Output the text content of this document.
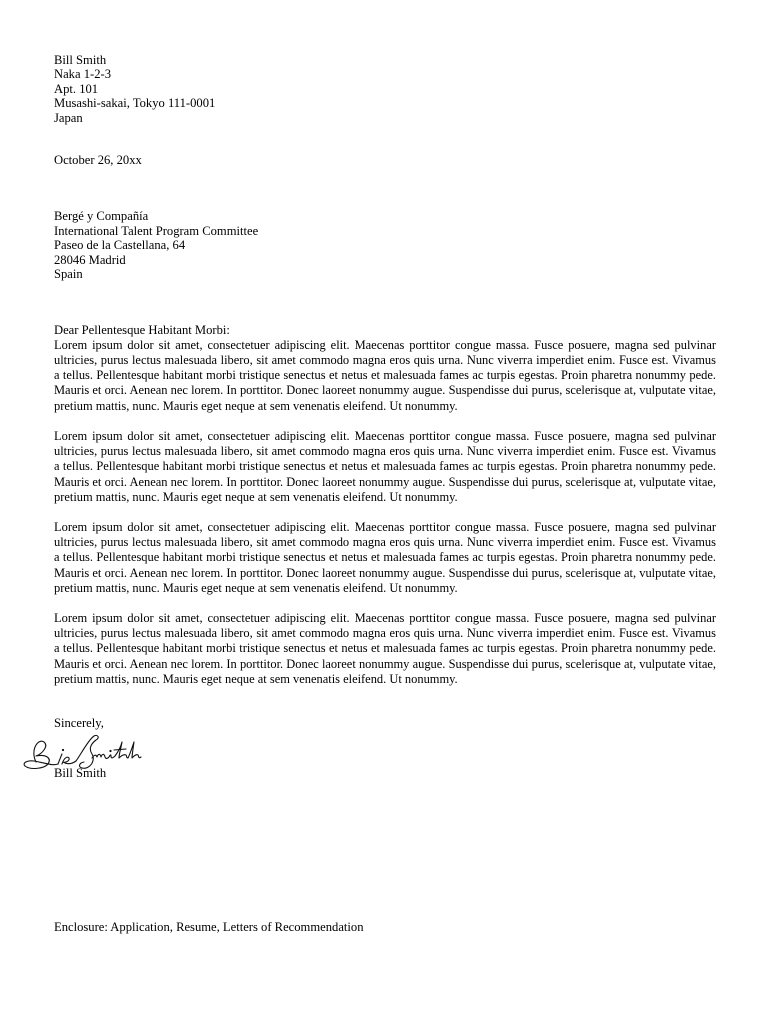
Bill Smith
Naka 1-2-3
Apt. 101
Musashi-sakai, Tokyo 111-0001
Japan
October 26, 20xx
Bergé y Compañía
International Talent Program Committee
Paseo de la Castellana, 64
28046 Madrid
Spain
Dear Pellentesque Habitant Morbi:

Lorem ipsum dolor sit amet, consectetuer adipiscing elit. Maecenas porttitor congue massa. Fusce posuere, magna sed pulvinar ultricies, purus lectus malesuada libero, sit amet commodo magna eros quis urna. Nunc viverra imperdiet enim. Fusce est. Vivamus a tellus. Pellentesque habitant morbi tristique senectus et netus et malesuada fames ac turpis egestas. Proin pharetra nonummy pede. Mauris et orci. Aenean nec lorem. In porttitor. Donec laoreet nonummy augue. Suspendisse dui purus, scelerisque at, vulputate vitae, pretium mattis, nunc. Mauris eget neque at sem venenatis eleifend. Ut nonummy.

Lorem ipsum dolor sit amet, consectetuer adipiscing elit. Maecenas porttitor congue massa. Fusce posuere, magna sed pulvinar ultricies, purus lectus malesuada libero, sit amet commodo magna eros quis urna. Nunc viverra imperdiet enim. Fusce est. Vivamus a tellus. Pellentesque habitant morbi tristique senectus et netus et malesuada fames ac turpis egestas. Proin pharetra nonummy pede. Mauris et orci. Aenean nec lorem. In porttitor. Donec laoreet nonummy augue. Suspendisse dui purus, scelerisque at, vulputate vitae, pretium mattis, nunc. Mauris eget neque at sem venenatis eleifend. Ut nonummy.

Lorem ipsum dolor sit amet, consectetuer adipiscing elit. Maecenas porttitor congue massa. Fusce posuere, magna sed pulvinar ultricies, purus lectus malesuada libero, sit amet commodo magna eros quis urna. Nunc viverra imperdiet enim. Fusce est. Vivamus a tellus. Pellentesque habitant morbi tristique senectus et netus et malesuada fames ac turpis egestas. Proin pharetra nonummy pede. Mauris et orci. Aenean nec lorem. In porttitor. Donec laoreet nonummy augue. Suspendisse dui purus, scelerisque at, vulputate vitae, pretium mattis, nunc. Mauris eget neque at sem venenatis eleifend. Ut nonummy.

Lorem ipsum dolor sit amet, consectetuer adipiscing elit. Maecenas porttitor congue massa. Fusce posuere, magna sed pulvinar ultricies, purus lectus malesuada libero, sit amet commodo magna eros quis urna. Nunc viverra imperdiet enim. Fusce est. Vivamus a tellus. Pellentesque habitant morbi tristique senectus et netus et malesuada fames ac turpis egestas. Proin pharetra nonummy pede. Mauris et orci. Aenean nec lorem. In porttitor. Donec laoreet nonummy augue. Suspendisse dui purus, scelerisque at, vulputate vitae, pretium mattis, nunc. Mauris eget neque at sem venenatis eleifend. Ut nonummy.

Sincerely,
Bill Smith
Enclosure: Application, Resume, Letters of Recommendation
